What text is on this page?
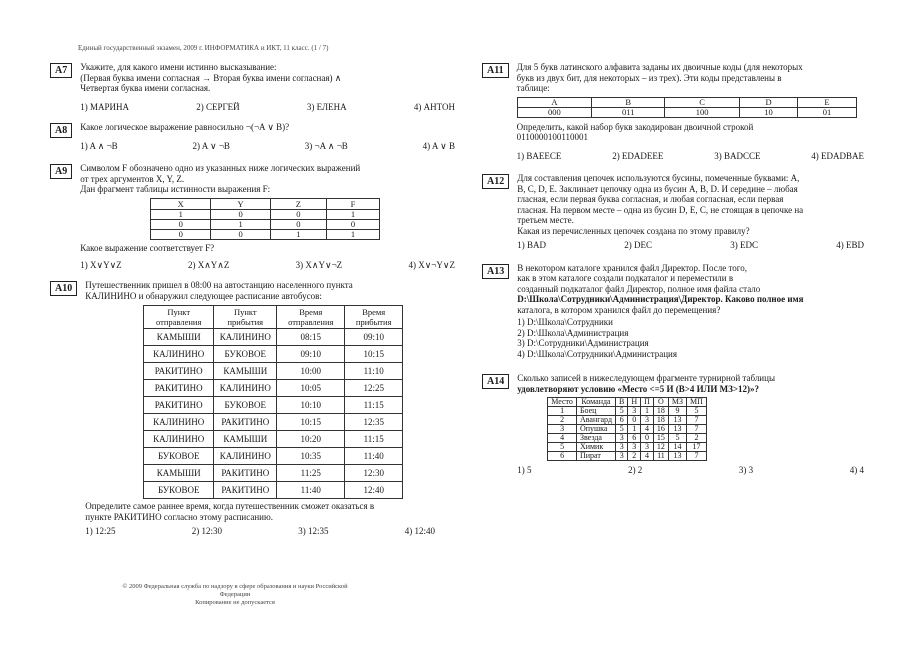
Единый государственный экзамен, 2009 г. ИНФОРМАТИКА и ИКТ, 11 класс. (1 / 7)
A7	Укажите, для какого имени истинно высказывание:
(Первая буква имени согласная → Вторая буква имени согласная) ∧
Четвертая буква имени согласная.
1) МАРИНА	2) СЕРГЕЙ	3) ЕЛЕНА	4) АНТОН
A8	Какое логическое выражение равносильно ¬(¬A ∨ B)?
1) A ∧ ¬B	2) A ∨ ¬B	3) ¬A ∧ ¬B	4) A ∨ B
A9	Символом F обозначено одно из указанных ниже логических выражений
от трех аргументов X, Y, Z.
Дан фрагмент таблицы истинности выражения F:
X	Y	Z	F
1	0	0	1
0	1	0	0
0	0	1	1
Какое выражение соответствует F?
1) X∨Y∨Z	2) X∧Y∧Z	3) X∧Y∨¬Z	4) X∨¬Y∨Z
A10	Путешественник пришел в 08:00 на автостанцию населенного пункта
КАЛИНИНО и обнаружил следующее расписание автобусов:
Пункт отправления	Пункт прибытия	Время отправления	Время прибытия
КАМЫШИ	КАЛИНИНО	08:15	09:10
КАЛИНИНО	БУКОВОЕ	09:10	10:15
РАКИТИНО	КАМЫШИ	10:00	11:10
РАКИТИНО	КАЛИНИНО	10:05	12:25
РАКИТИНО	БУКОВОЕ	10:10	11:15
КАЛИНИНО	РАКИТИНО	10:15	12:35
КАЛИНИНО	КАМЫШИ	10:20	11:15
БУКОВОЕ	КАЛИНИНО	10:35	11:40
КАМЫШИ	РАКИТИНО	11:25	12:30
БУКОВОЕ	РАКИТИНО	11:40	12:40
Определите самое раннее время, когда путешественник сможет оказаться в
пункте РАКИТИНО согласно этому расписанию.
1) 12:25	2) 12:30	3) 12:35	4) 12:40
© 2009 Федеральная служба по надзору в сфере образования и науки Российской Федерации
Копирование не допускается
A11	Для 5 букв латинского алфавита заданы их двоичные коды (для некоторых
букв из двух бит, для некоторых – из трех). Эти коды представлены в
таблице:
A	B	C	D	E
000	011	100	10	01
Определить, какой набор букв закодирован двоичной строкой
0110000100110001
1) BAEECE	2) EDADEEE	3) BADCCE	4) EDADBAE
A12	Для составления цепочек используются бусины, помеченные буквами: A,
B, C, D, E. Заклинает цепочку одна из бусин A, B, D. И середине – любая
гласная, если первая буква согласная, и любая согласная, если первая
гласная. На первом месте – одна из бусин D, E, C, не стоящая в цепочке на
третьем месте.
Какая из перечисленных цепочек создана по этому правилу?
1) BAD	2) DEC	3) EDC	4) EBD
A13	В некотором каталоге хранился файл Директор. После того,
как в этом каталоге создали подкаталог и переместили в
созданный подкаталог файл Директор, полное имя файла стало
D:\Школа\Сотрудники\Администрация\Директор. Каково полное имя
каталога, в котором хранился файл до перемещения?
1) D:\Школа\Сотрудники
2) D:\Школа\Администрация
3) D:\Сотрудники\Администрация
4) D:\Школа\Сотрудники\Администрация
A14	Сколько записей в нижеследующем фрагменте турнирной таблицы
удовлетворяют условию «Место <=5 И (В>4 ИЛИ МЗ>12)»?
Место	Команда	В	Н	П	О	МЗ	МП
1	Боец	5	3	1	18	9	5
2	Авангард	6	0	3	18	13	7
3	Опушка	5	1	4	16	13	7
4	Звезда	3	6	0	15	5	2
5	Химик	3	3	3	12	14	17
6	Пират	3	2	4	11	13	7
1) 5	2) 2	3) 3	4) 4
